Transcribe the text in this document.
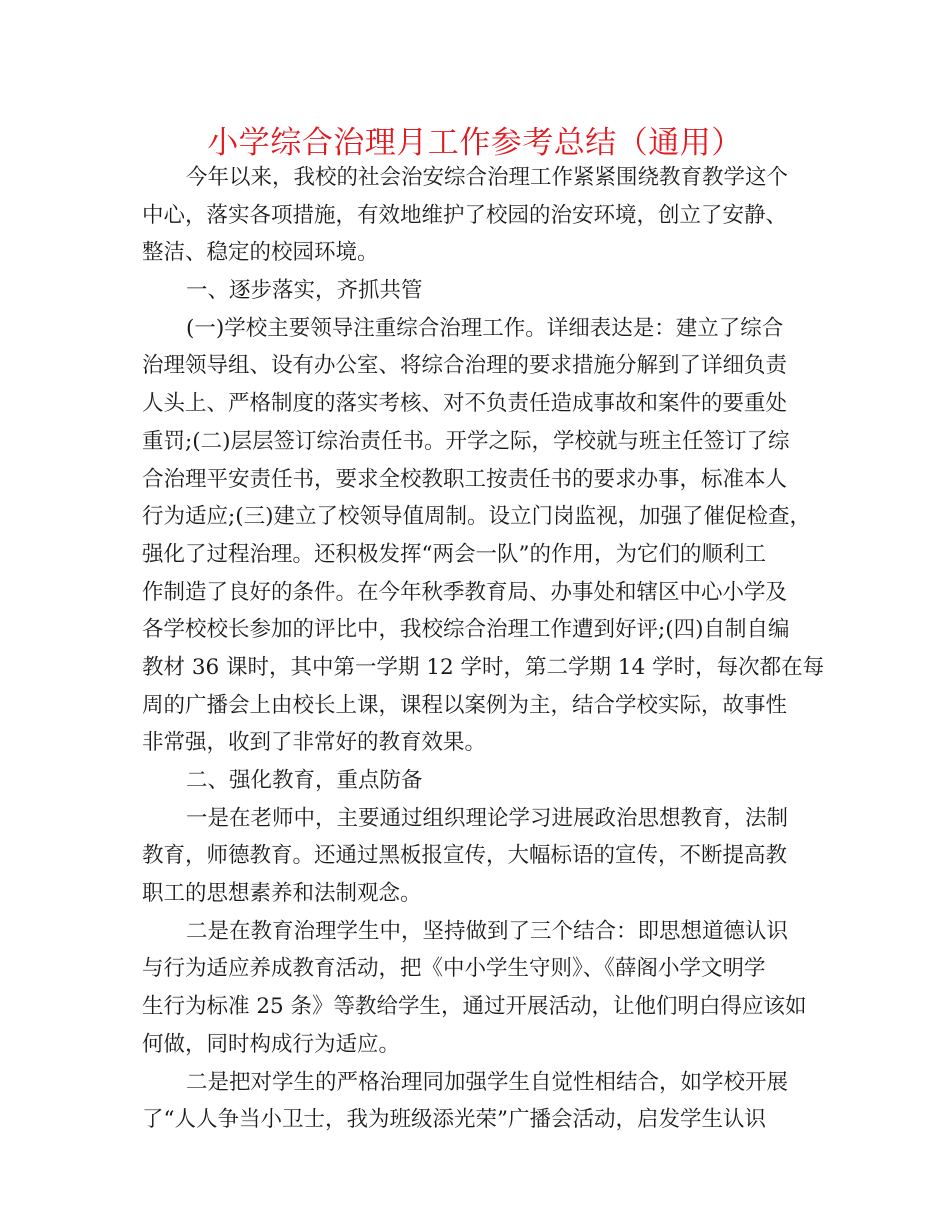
小学综合治理月工作参考总结（通用）
今年以来，我校的社会治安综合治理工作紧紧围绕教育教学这个
中心，落实各项措施，有效地维护了校园的治安环境，创立了安静、
整洁、稳定的校园环境。
一、逐步落实，齐抓共管
(一)学校主要领导注重综合治理工作。详细表达是：建立了综合
治理领导组、设有办公室、将综合治理的要求措施分解到了详细负责
人头上、严格制度的落实考核、对不负责任造成事故和案件的要重处
重罚;(二)层层签订综治责任书。开学之际，学校就与班主任签订了综
合治理平安责任书，要求全校教职工按责任书的要求办事，标准本人
行为适应;(三)建立了校领导值周制。设立门岗监视，加强了催促检查，
强化了过程治理。还积极发挥“两会一队”的作用，为它们的顺利工
作制造了良好的条件。在今年秋季教育局、办事处和辖区中心小学及
各学校校长参加的评比中，我校综合治理工作遭到好评;(四)自制自编
教材 36 课时，其中第一学期 12 学时，第二学期 14 学时，每次都在每
周的广播会上由校长上课，课程以案例为主，结合学校实际，故事性
非常强，收到了非常好的教育效果。
二、强化教育，重点防备
一是在老师中，主要通过组织理论学习进展政治思想教育，法制
教育，师德教育。还通过黑板报宣传，大幅标语的宣传，不断提高教
职工的思想素养和法制观念。
二是在教育治理学生中，坚持做到了三个结合：即思想道德认识
与行为适应养成教育活动，把《中小学生守则》、《薛阁小学文明学
生行为标准 25 条》等教给学生，通过开展活动，让他们明白得应该如
何做，同时构成行为适应。
二是把对学生的严格治理同加强学生自觉性相结合，如学校开展
了“人人争当小卫士，我为班级添光荣”广播会活动，启发学生认识
